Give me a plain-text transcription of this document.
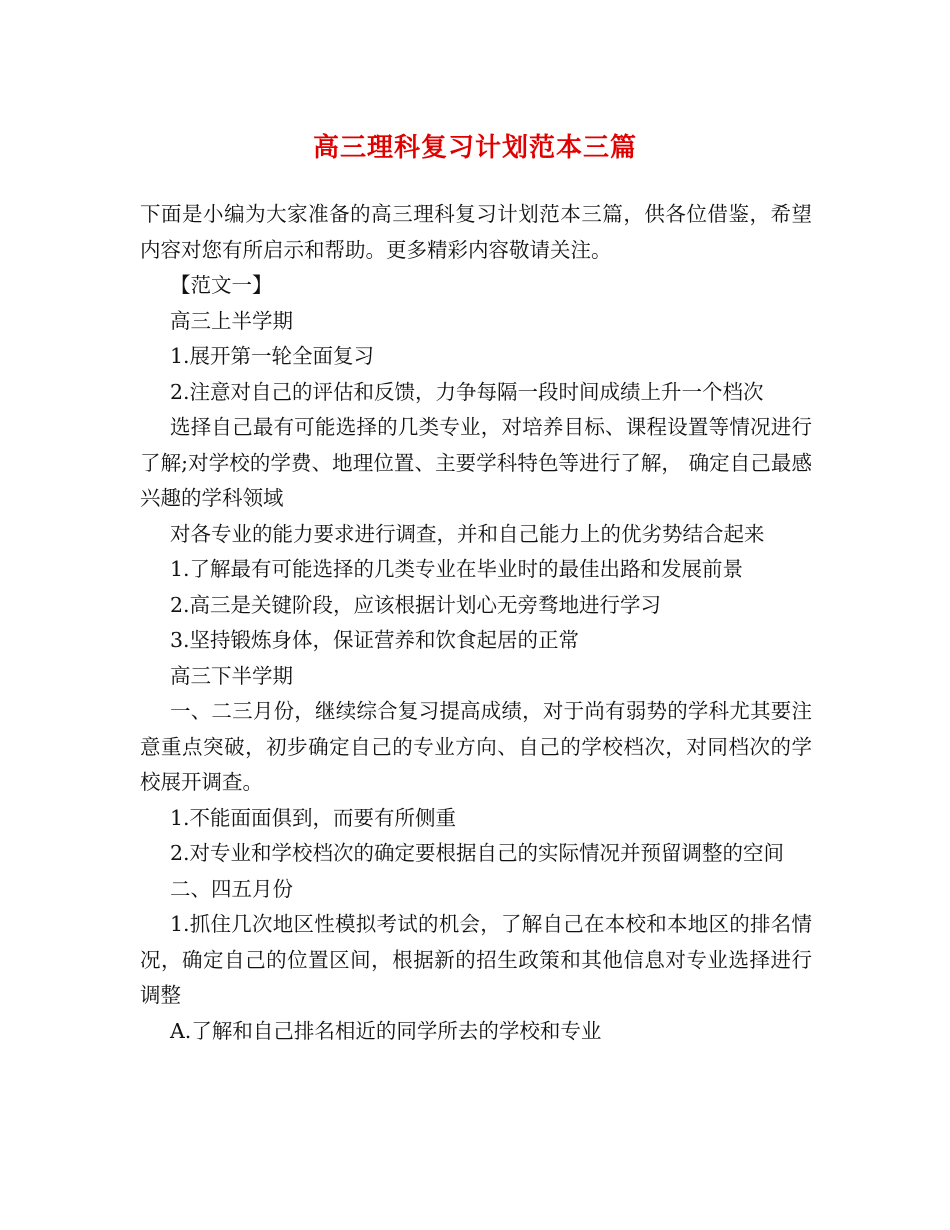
高三理科复习计划范本三篇

下面是小编为大家准备的高三理科复习计划范本三篇，供各位借鉴，希望内容对您有所启示和帮助。更多精彩内容敬请关注。

【范文一】

高三上半学期

1.展开第一轮全面复习

2.注意对自己的评估和反馈，力争每隔一段时间成绩上升一个档次

选择自己最有可能选择的几类专业，对培养目标、课程设置等情况进行了解;对学校的学费、地理位置、主要学科特色等进行了解， 确定自己最感兴趣的学科领域

对各专业的能力要求进行调查，并和自己能力上的优劣势结合起来

1.了解最有可能选择的几类专业在毕业时的最佳出路和发展前景

2.高三是关键阶段，应该根据计划心无旁骛地进行学习

3.坚持锻炼身体，保证营养和饮食起居的正常

高三下半学期

一、二三月份，继续综合复习提高成绩，对于尚有弱势的学科尤其要注意重点突破，初步确定自己的专业方向、自己的学校档次，对同档次的学校展开调查。

1.不能面面俱到，而要有所侧重

2.对专业和学校档次的确定要根据自己的实际情况并预留调整的空间

二、四五月份

1.抓住几次地区性模拟考试的机会，了解自己在本校和本地区的排名情况，确定自己的位置区间，根据新的招生政策和其他信息对专业选择进行调整

A.了解和自己排名相近的同学所去的学校和专业
